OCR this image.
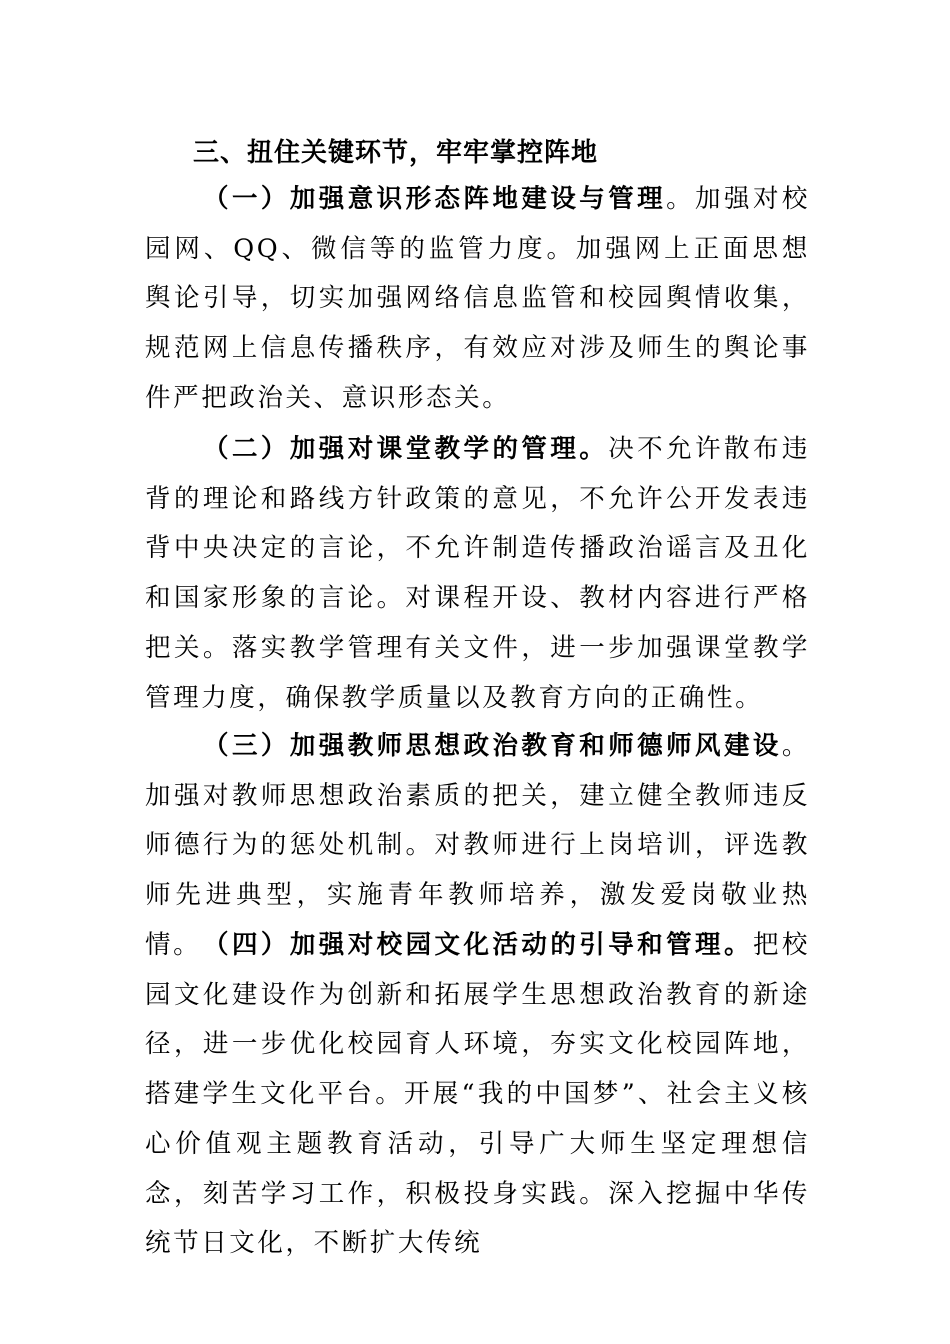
三、扭住关键环节，牢牢掌控阵地

（一）加强意识形态阵地建设与管理。加强对校园网、QQ、微信等的监管力度。加强网上正面思想舆论引导，切实加强网络信息监管和校园舆情收集，规范网上信息传播秩序，有效应对涉及师生的舆论事件严把政治关、意识形态关。

（二）加强对课堂教学的管理。决不允许散布违背的理论和路线方针政策的意见，不允许公开发表违背中央决定的言论，不允许制造传播政治谣言及丑化和国家形象的言论。对课程开设、教材内容进行严格把关。落实教学管理有关文件，进一步加强课堂教学管理力度，确保教学质量以及教育方向的正确性。

（三）加强教师思想政治教育和师德师风建设。加强对教师思想政治素质的把关，建立健全教师违反师德行为的惩处机制。对教师进行上岗培训，评选教师先进典型，实施青年教师培养，激发爱岗敬业热情。 （四）加强对校园文化活动的引导和管理。把校园文化建设作为创新和拓展学生思想政治教育的新途径，进一步优化校园育人环境，夯实文化校园阵地，搭建学生文化平台。开展“我的中国梦”、社会主义核心价值观主题教育活动，引导广大师生坚定理想信念，刻苦学习工作，积极投身实践。深入挖掘中华传统节日文化，不断扩大传统
